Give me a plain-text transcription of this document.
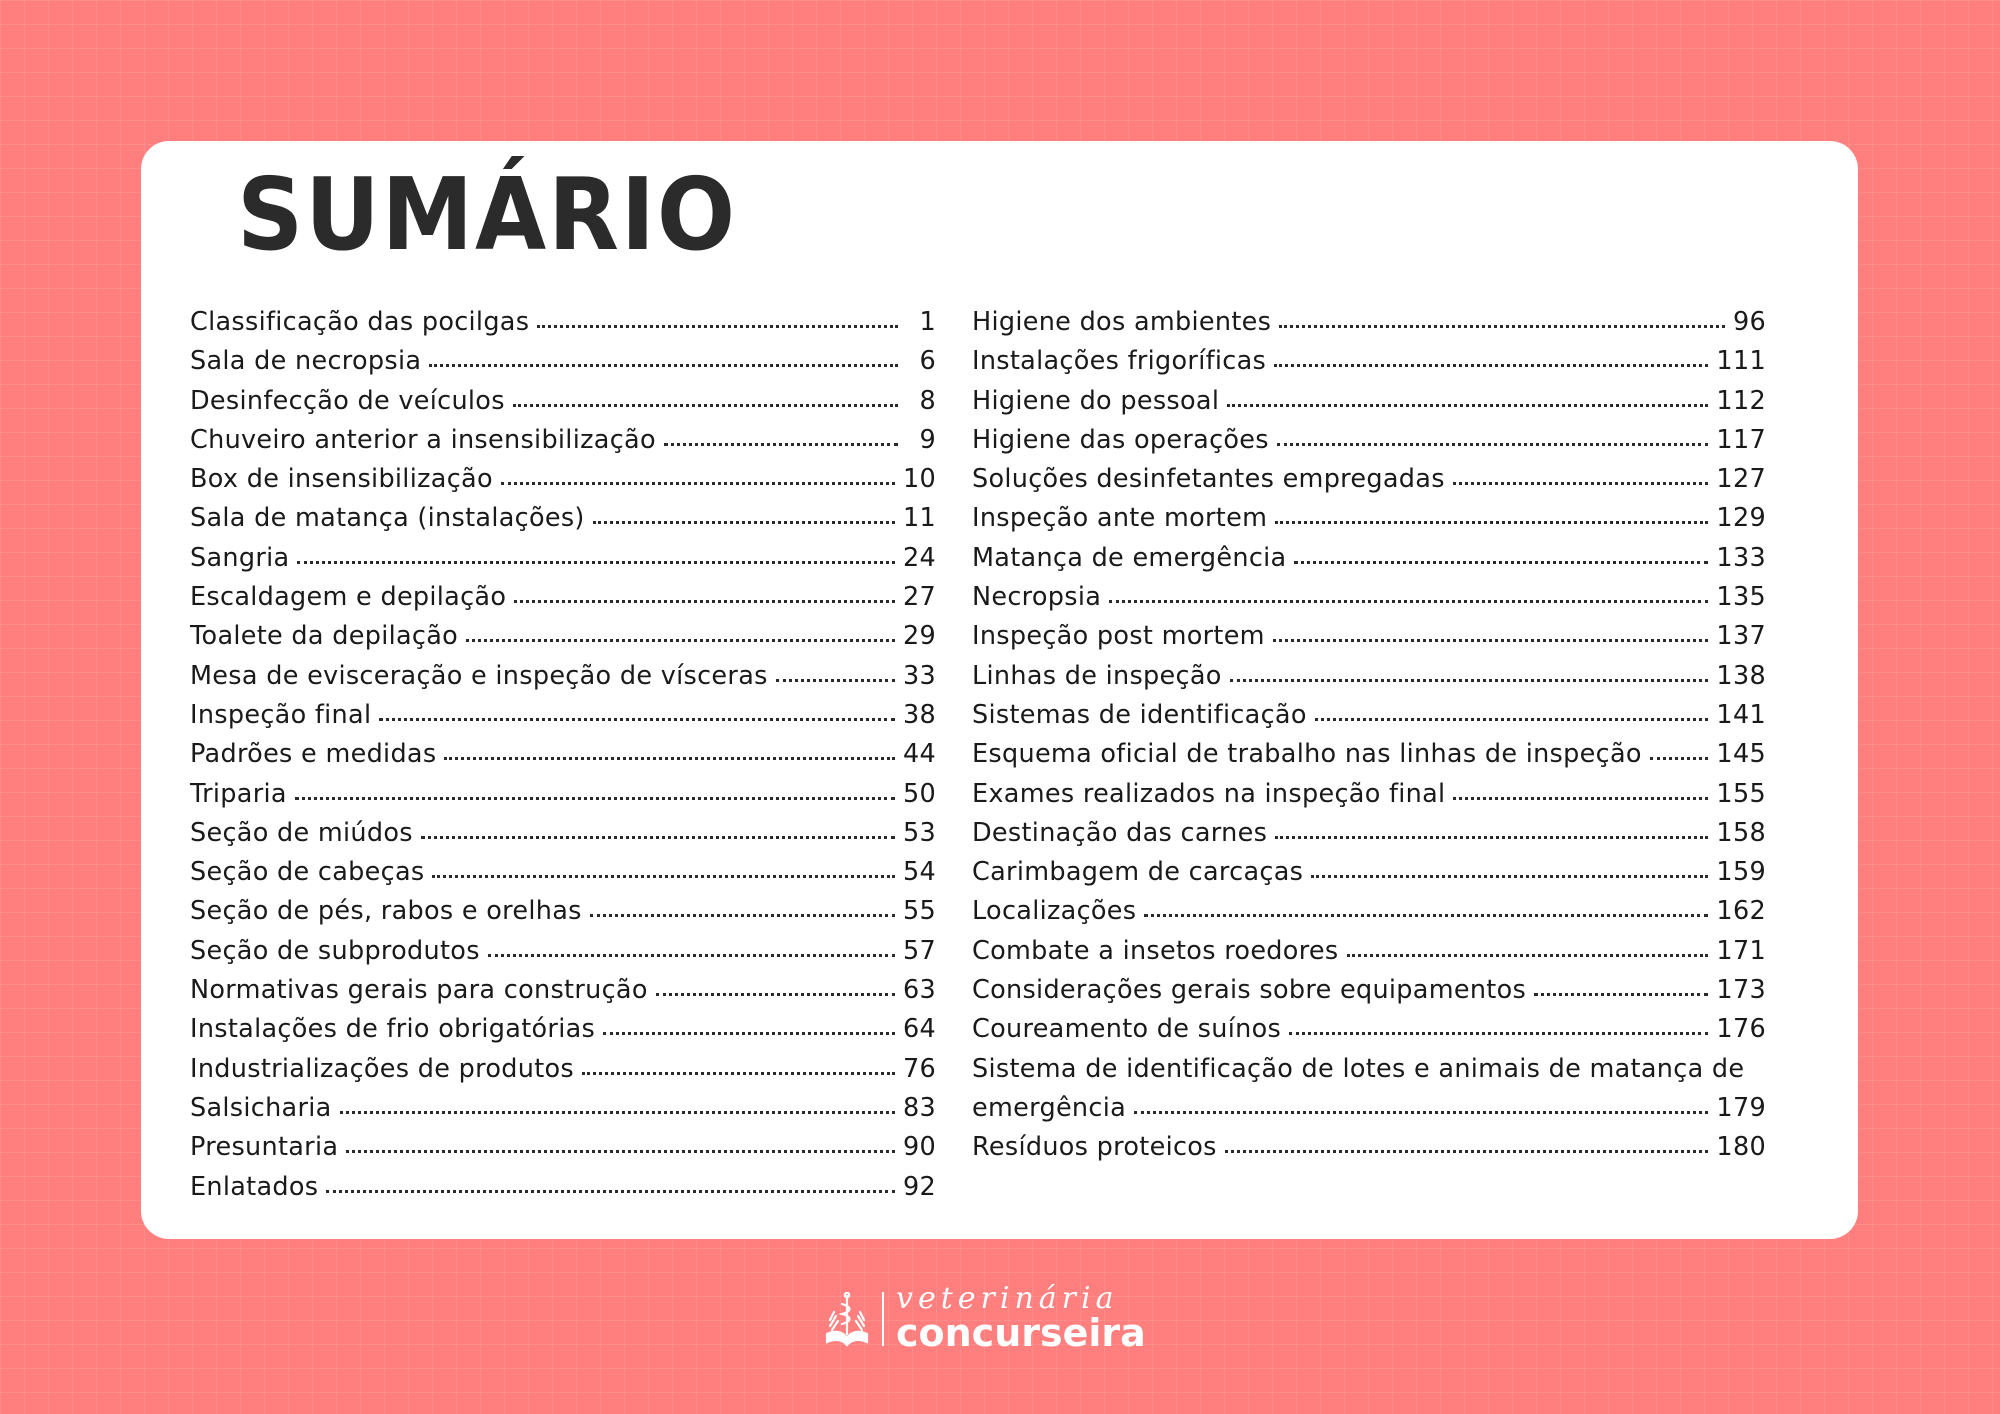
SUMÁRIO
Classificação das pocilgas	1
Sala de necropsia	6
Desinfecção de veículos	8
Chuveiro anterior a insensibilização	9
Box de insensibilização	10
Sala de matança (instalações)	11
Sangria	24
Escaldagem e depilação	27
Toalete da depilação	29
Mesa de evisceração e inspeção de vísceras	33
Inspeção final	38
Padrões e medidas	44
Triparia	50
Seção de miúdos	53
Seção de cabeças	54
Seção de pés, rabos e orelhas	55
Seção de subprodutos	57
Normativas gerais para construção	63
Instalações de frio obrigatórias	64
Industrializações de produtos	76
Salsicharia	83
Presuntaria	90
Enlatados	92
Higiene dos ambientes	96
Instalações frigoríficas	111
Higiene do pessoal	112
Higiene das operações	117
Soluções desinfetantes empregadas	127
Inspeção ante mortem	129
Matança de emergência	133
Necropsia	135
Inspeção post mortem	137
Linhas de inspeção	138
Sistemas de identificação	141
Esquema oficial de trabalho nas linhas de inspeção	145
Exames realizados na inspeção final	155
Destinação das carnes	158
Carimbagem de carcaças	159
Localizações	162
Combate a insetos roedores	171
Considerações gerais sobre equipamentos	173
Coureamento de suínos	176
Sistema de identificação de lotes e animais de matança de
emergência	179
Resíduos proteicos	180
veterinária
concurseira
